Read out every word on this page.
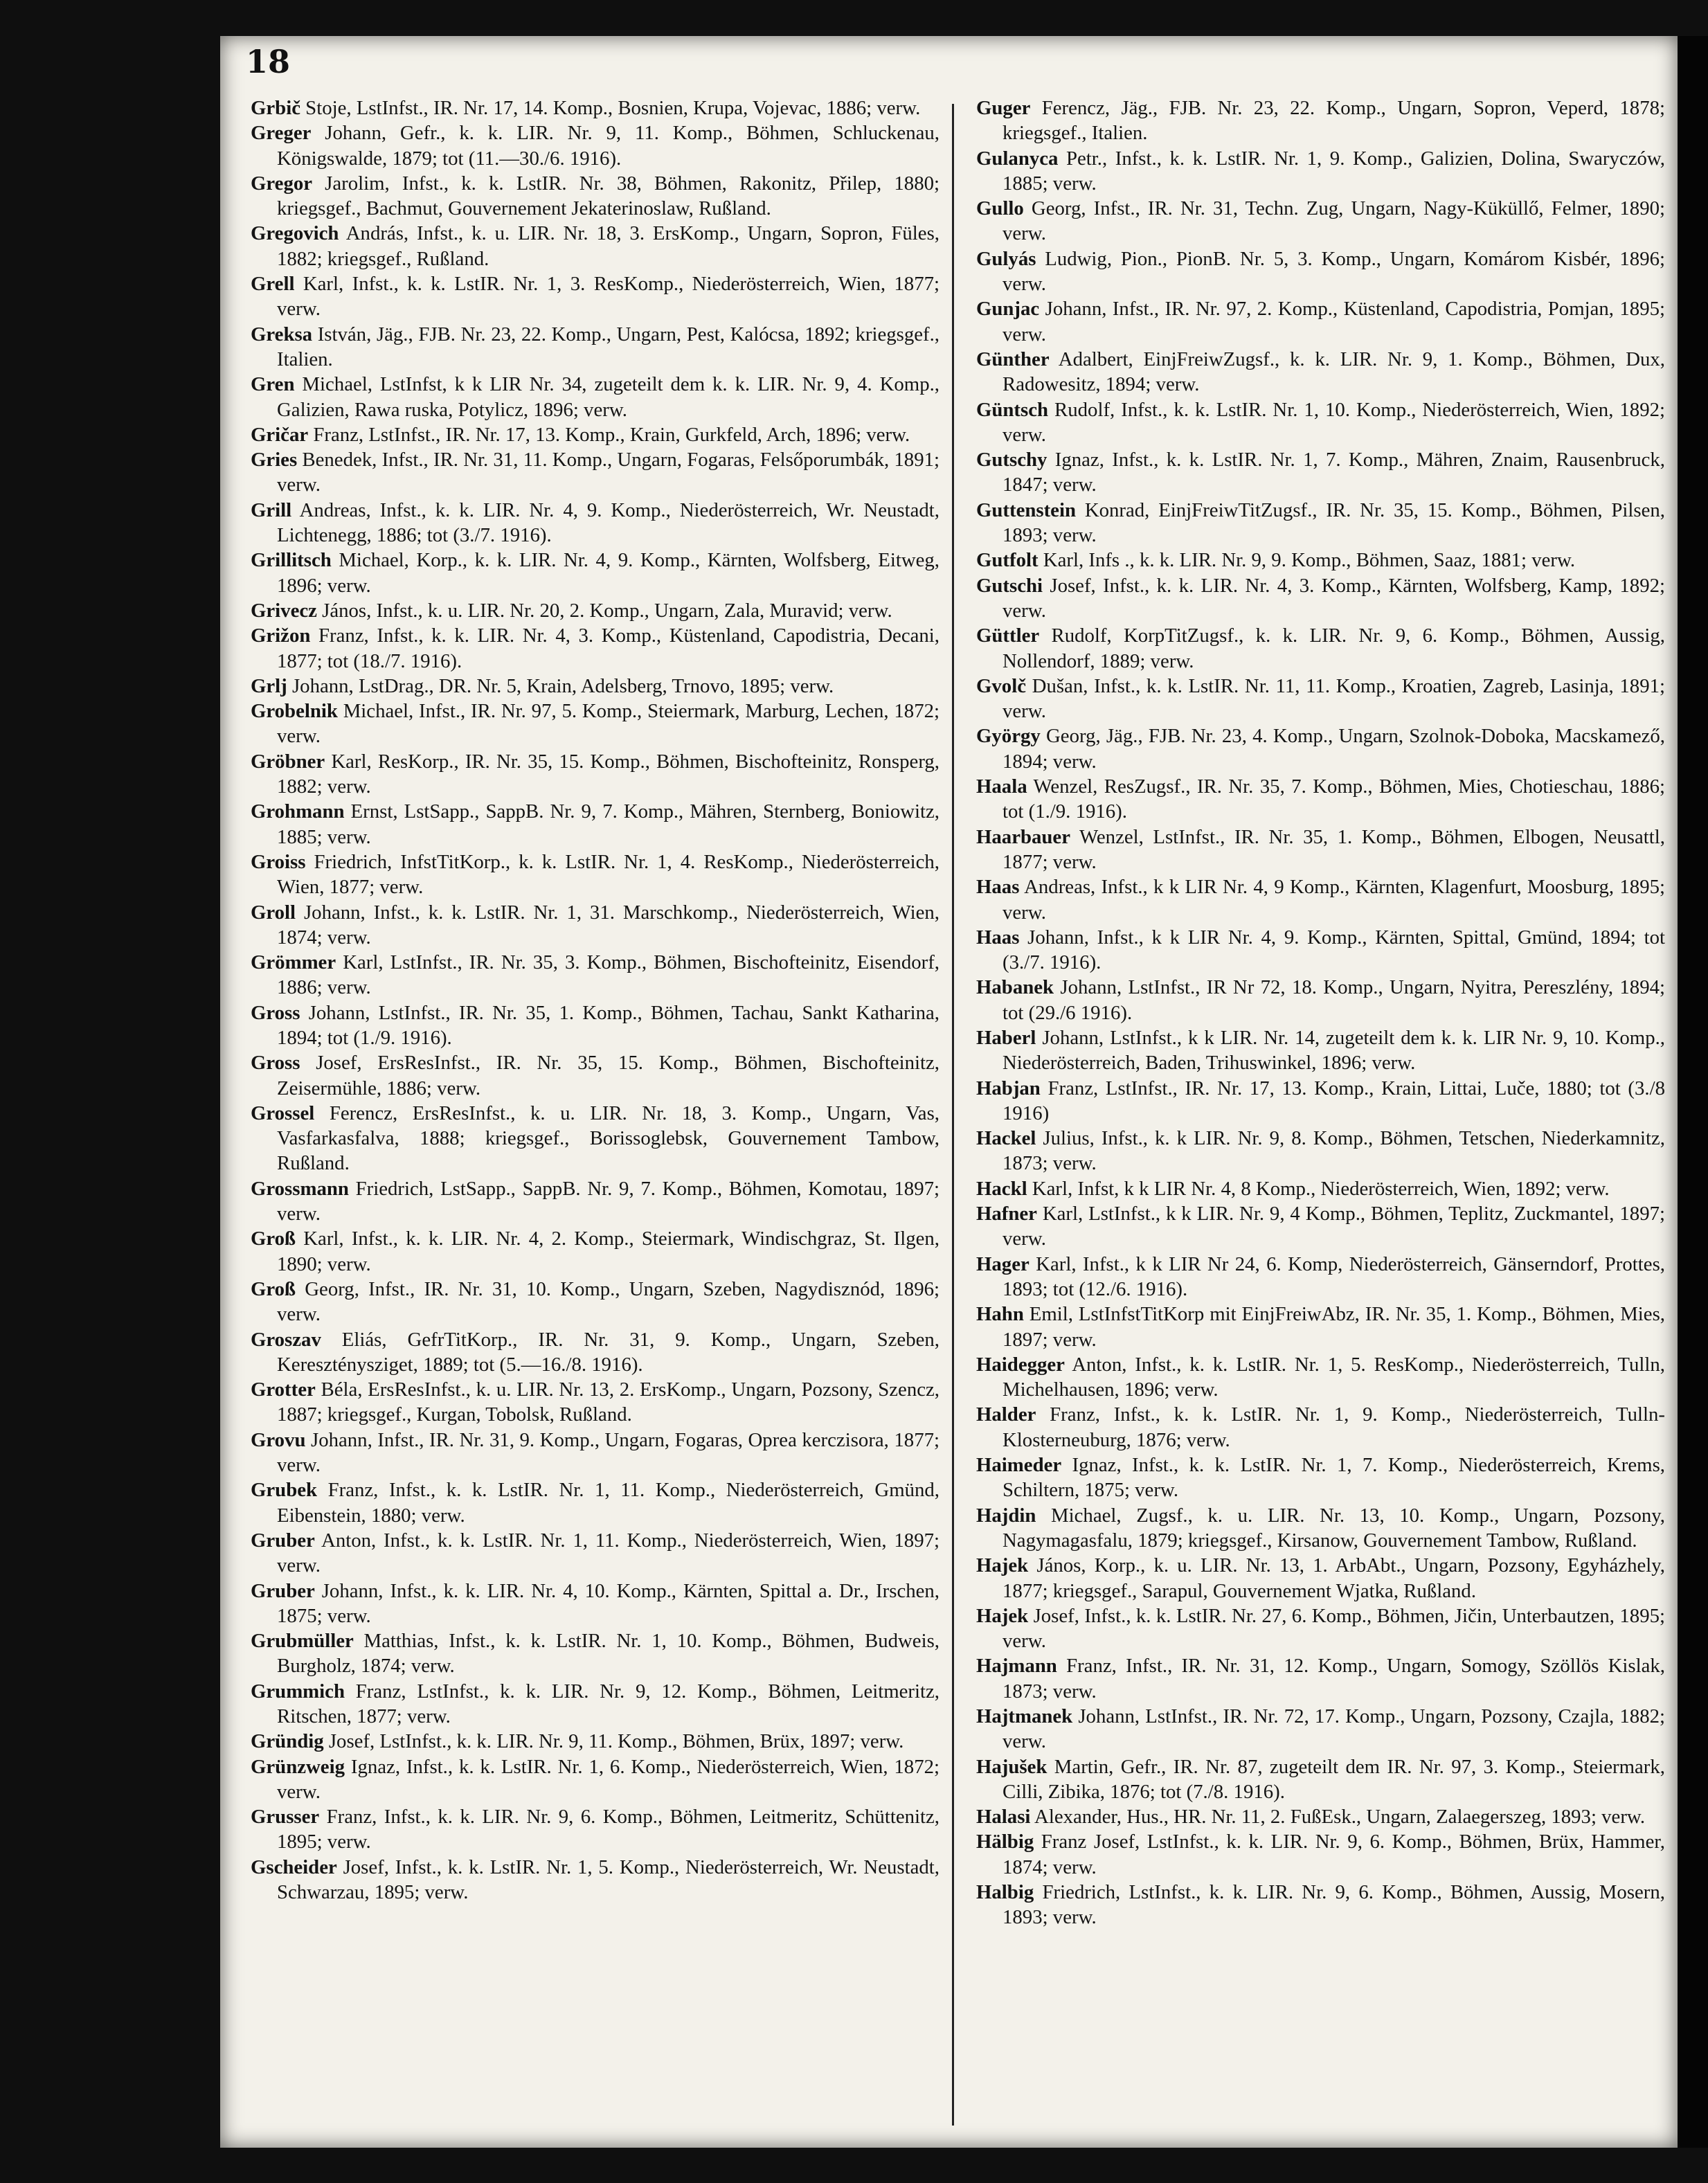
18

Grbič Stoje, LstInfst., IR. Nr. 17, 14. Komp., Bosnien, Krupa, Vojevac, 1886; verw.

Greger Johann, Gefr., k. k. LIR. Nr. 9, 11. Komp., Böhmen, Schluckenau, Königswalde, 1879; tot (11.—30./6. 1916).

Gregor Jarolim, Infst., k. k. LstIR. Nr. 38, Böhmen, Rakonitz, Přilep, 1880; kriegsgef., Bachmut, Gouvernement Jekaterinoslaw, Rußland.

Gregovich András, Infst., k. u. LIR. Nr. 18, 3. ErsKomp., Ungarn, Sopron, Füles, 1882; kriegsgef., Rußland.

Grell Karl, Infst., k. k. LstIR. Nr. 1, 3. ResKomp., Niederösterreich, Wien, 1877; verw.

Greksa István, Jäg., FJB. Nr. 23, 22. Komp., Ungarn, Pest, Kalócsa, 1892; kriegsgef., Italien.

Gren Michael, LstInfst, k k LIR Nr. 34, zugeteilt dem k. k. LIR. Nr. 9, 4. Komp., Galizien, Rawa ruska, Potylicz, 1896; verw.

Gričar Franz, LstInfst., IR. Nr. 17, 13. Komp., Krain, Gurkfeld, Arch, 1896; verw.

Gries Benedek, Infst., IR. Nr. 31, 11. Komp., Ungarn, Fogaras, Felsőporumbák, 1891; verw.

Grill Andreas, Infst., k. k. LIR. Nr. 4, 9. Komp., Niederösterreich, Wr. Neustadt, Lichtenegg, 1886; tot (3./7. 1916).

Grillitsch Michael, Korp., k. k. LIR. Nr. 4, 9. Komp., Kärnten, Wolfsberg, Eitweg, 1896; verw.

Grivecz János, Infst., k. u. LIR. Nr. 20, 2. Komp., Ungarn, Zala, Muravid; verw.

Grižon Franz, Infst., k. k. LIR. Nr. 4, 3. Komp., Küstenland, Capodistria, Decani, 1877; tot (18./7. 1916).

Grlj Johann, LstDrag., DR. Nr. 5, Krain, Adelsberg, Trnovo, 1895; verw.

Grobelnik Michael, Infst., IR. Nr. 97, 5. Komp., Steiermark, Marburg, Lechen, 1872; verw.

Gröbner Karl, ResKorp., IR. Nr. 35, 15. Komp., Böhmen, Bischofteinitz, Ronsperg, 1882; verw.

Grohmann Ernst, LstSapp., SappB. Nr. 9, 7. Komp., Mähren, Sternberg, Boniowitz, 1885; verw.

Groiss Friedrich, InfstTitKorp., k. k. LstIR. Nr. 1, 4. ResKomp., Niederösterreich, Wien, 1877; verw.

Groll Johann, Infst., k. k. LstIR. Nr. 1, 31. Marschkomp., Niederösterreich, Wien, 1874; verw.

Grömmer Karl, LstInfst., IR. Nr. 35, 3. Komp., Böhmen, Bischofteinitz, Eisendorf, 1886; verw.

Gross Johann, LstInfst., IR. Nr. 35, 1. Komp., Böhmen, Tachau, Sankt Katharina, 1894; tot (1./9. 1916).

Gross Josef, ErsResInfst., IR. Nr. 35, 15. Komp., Böhmen, Bischofteinitz, Zeisermühle, 1886; verw.

Grossel Ferencz, ErsResInfst., k. u. LIR. Nr. 18, 3. Komp., Ungarn, Vas, Vasfarkasfalva, 1888; kriegsgef., Borissoglebsk, Gouvernement Tambow, Rußland.

Grossmann Friedrich, LstSapp., SappB. Nr. 9, 7. Komp., Böhmen, Komotau, 1897; verw.

Groß Karl, Infst., k. k. LIR. Nr. 4, 2. Komp., Steiermark, Windischgraz, St. Ilgen, 1890; verw.

Groß Georg, Infst., IR. Nr. 31, 10. Komp., Ungarn, Szeben, Nagydisznód, 1896; verw.

Groszav Eliás, GefrTitKorp., IR. Nr. 31, 9. Komp., Ungarn, Szeben, Kereszténysziget, 1889; tot (5.—16./8. 1916).

Grotter Béla, ErsResInfst., k. u. LIR. Nr. 13, 2. ErsKomp., Ungarn, Pozsony, Szencz, 1887; kriegsgef., Kurgan, Tobolsk, Rußland.

Grovu Johann, Infst., IR. Nr. 31, 9. Komp., Ungarn, Fogaras, Oprea kerczisora, 1877; verw.

Grubek Franz, Infst., k. k. LstIR. Nr. 1, 11. Komp., Niederösterreich, Gmünd, Eibenstein, 1880; verw.

Gruber Anton, Infst., k. k. LstIR. Nr. 1, 11. Komp., Niederösterreich, Wien, 1897; verw.

Gruber Johann, Infst., k. k. LIR. Nr. 4, 10. Komp., Kärnten, Spittal a. Dr., Irschen, 1875; verw.

Grubmüller Matthias, Infst., k. k. LstIR. Nr. 1, 10. Komp., Böhmen, Budweis, Burgholz, 1874; verw.

Grummich Franz, LstInfst., k. k. LIR. Nr. 9, 12. Komp., Böhmen, Leitmeritz, Ritschen, 1877; verw.

Gründig Josef, LstInfst., k. k. LIR. Nr. 9, 11. Komp., Böhmen, Brüx, 1897; verw.

Grünzweig Ignaz, Infst., k. k. LstIR. Nr. 1, 6. Komp., Niederösterreich, Wien, 1872; verw.

Grusser Franz, Infst., k. k. LIR. Nr. 9, 6. Komp., Böhmen, Leitmeritz, Schüttenitz, 1895; verw.

Gscheider Josef, Infst., k. k. LstIR. Nr. 1, 5. Komp., Niederösterreich, Wr. Neustadt, Schwarzau, 1895; verw.

Guger Ferencz, Jäg., FJB. Nr. 23, 22. Komp., Ungarn, Sopron, Veperd, 1878; kriegsgef., Italien.

Gulanyca Petr., Infst., k. k. LstIR. Nr. 1, 9. Komp., Galizien, Dolina, Swaryczów, 1885; verw.

Gullo Georg, Infst., IR. Nr. 31, Techn. Zug, Ungarn, Nagy-Küküllő, Felmer, 1890; verw.

Gulyás Ludwig, Pion., PionB. Nr. 5, 3. Komp., Ungarn, Komárom Kisbér, 1896; verw.

Gunjac Johann, Infst., IR. Nr. 97, 2. Komp., Küstenland, Capodistria, Pomjan, 1895; verw.

Günther Adalbert, EinjFreiwZugsf., k. k. LIR. Nr. 9, 1. Komp., Böhmen, Dux, Radowesitz, 1894; verw.

Güntsch Rudolf, Infst., k. k. LstIR. Nr. 1, 10. Komp., Niederösterreich, Wien, 1892; verw.

Gutschy Ignaz, Infst., k. k. LstIR. Nr. 1, 7. Komp., Mähren, Znaim, Rausenbruck, 1847; verw.

Guttenstein Konrad, EinjFreiwTitZugsf., IR. Nr. 35, 15. Komp., Böhmen, Pilsen, 1893; verw.

Gutfolt Karl, Infs ., k. k. LIR. Nr. 9, 9. Komp., Böhmen, Saaz, 1881; verw.

Gutschi Josef, Infst., k. k. LIR. Nr. 4, 3. Komp., Kärnten, Wolfsberg, Kamp, 1892; verw.

Güttler Rudolf, KorpTitZugsf., k. k. LIR. Nr. 9, 6. Komp., Böhmen, Aussig, Nollendorf, 1889; verw.

Gvolč Dušan, Infst., k. k. LstIR. Nr. 11, 11. Komp., Kroatien, Zagreb, Lasinja, 1891; verw.

György Georg, Jäg., FJB. Nr. 23, 4. Komp., Ungarn, Szolnok-Doboka, Macskamező, 1894; verw.

Haala Wenzel, ResZugsf., IR. Nr. 35, 7. Komp., Böhmen, Mies, Chotieschau, 1886; tot (1./9. 1916).

Haarbauer Wenzel, LstInfst., IR. Nr. 35, 1. Komp., Böhmen, Elbogen, Neusattl, 1877; verw.

Haas Andreas, Infst., k k LIR Nr. 4, 9 Komp., Kärnten, Klagenfurt, Moosburg, 1895; verw.

Haas Johann, Infst., k k LIR Nr. 4, 9. Komp., Kärnten, Spittal, Gmünd, 1894; tot (3./7. 1916).

Habanek Johann, LstInfst., IR Nr 72, 18. Komp., Ungarn, Nyitra, Pereszlény, 1894; tot (29./6 1916).

Haberl Johann, LstInfst., k k LIR. Nr. 14, zugeteilt dem k. k. LIR Nr. 9, 10. Komp., Niederösterreich, Baden, Trihuswinkel, 1896; verw.

Habjan Franz, LstInfst., IR. Nr. 17, 13. Komp., Krain, Littai, Luče, 1880; tot (3./8 1916)

Hackel Julius, Infst., k. k LIR. Nr. 9, 8. Komp., Böhmen, Tetschen, Niederkamnitz, 1873; verw.

Hackl Karl, Infst, k k LIR Nr. 4, 8 Komp., Niederösterreich, Wien, 1892; verw.

Hafner Karl, LstInfst., k k LIR. Nr. 9, 4 Komp., Böhmen, Teplitz, Zuckmantel, 1897; verw.

Hager Karl, Infst., k k LIR Nr 24, 6. Komp, Niederösterreich, Gänserndorf, Prottes, 1893; tot (12./6. 1916).

Hahn Emil, LstInfstTitKorp mit EinjFreiwAbz, IR. Nr. 35, 1. Komp., Böhmen, Mies, 1897; verw.

Haidegger Anton, Infst., k. k. LstIR. Nr. 1, 5. ResKomp., Niederösterreich, Tulln, Michelhausen, 1896; verw.

Halder Franz, Infst., k. k. LstIR. Nr. 1, 9. Komp., Niederösterreich, Tulln-Klosterneuburg, 1876; verw.

Haimeder Ignaz, Infst., k. k. LstIR. Nr. 1, 7. Komp., Niederösterreich, Krems, Schiltern, 1875; verw.

Hajdin Michael, Zugsf., k. u. LIR. Nr. 13, 10. Komp., Ungarn, Pozsony, Nagymagasfalu, 1879; kriegsgef., Kirsanow, Gouvernement Tambow, Rußland.

Hajek János, Korp., k. u. LIR. Nr. 13, 1. ArbAbt., Ungarn, Pozsony, Egyházhely, 1877; kriegsgef., Sarapul, Gouvernement Wjatka, Rußland.

Hajek Josef, Infst., k. k. LstIR. Nr. 27, 6. Komp., Böhmen, Jičin, Unterbautzen, 1895; verw.

Hajmann Franz, Infst., IR. Nr. 31, 12. Komp., Ungarn, Somogy, Szöllös Kislak, 1873; verw.

Hajtmanek Johann, LstInfst., IR. Nr. 72, 17. Komp., Ungarn, Pozsony, Czajla, 1882; verw.

Hajušek Martin, Gefr., IR. Nr. 87, zugeteilt dem IR. Nr. 97, 3. Komp., Steiermark, Cilli, Zibika, 1876; tot (7./8. 1916).

Halasi Alexander, Hus., HR. Nr. 11, 2. FußEsk., Ungarn, Zalaegerszeg, 1893; verw.

Hälbig Franz Josef, LstInfst., k. k. LIR. Nr. 9, 6. Komp., Böhmen, Brüx, Hammer, 1874; verw.

Halbig Friedrich, LstInfst., k. k. LIR. Nr. 9, 6. Komp., Böhmen, Aussig, Mosern, 1893; verw.
